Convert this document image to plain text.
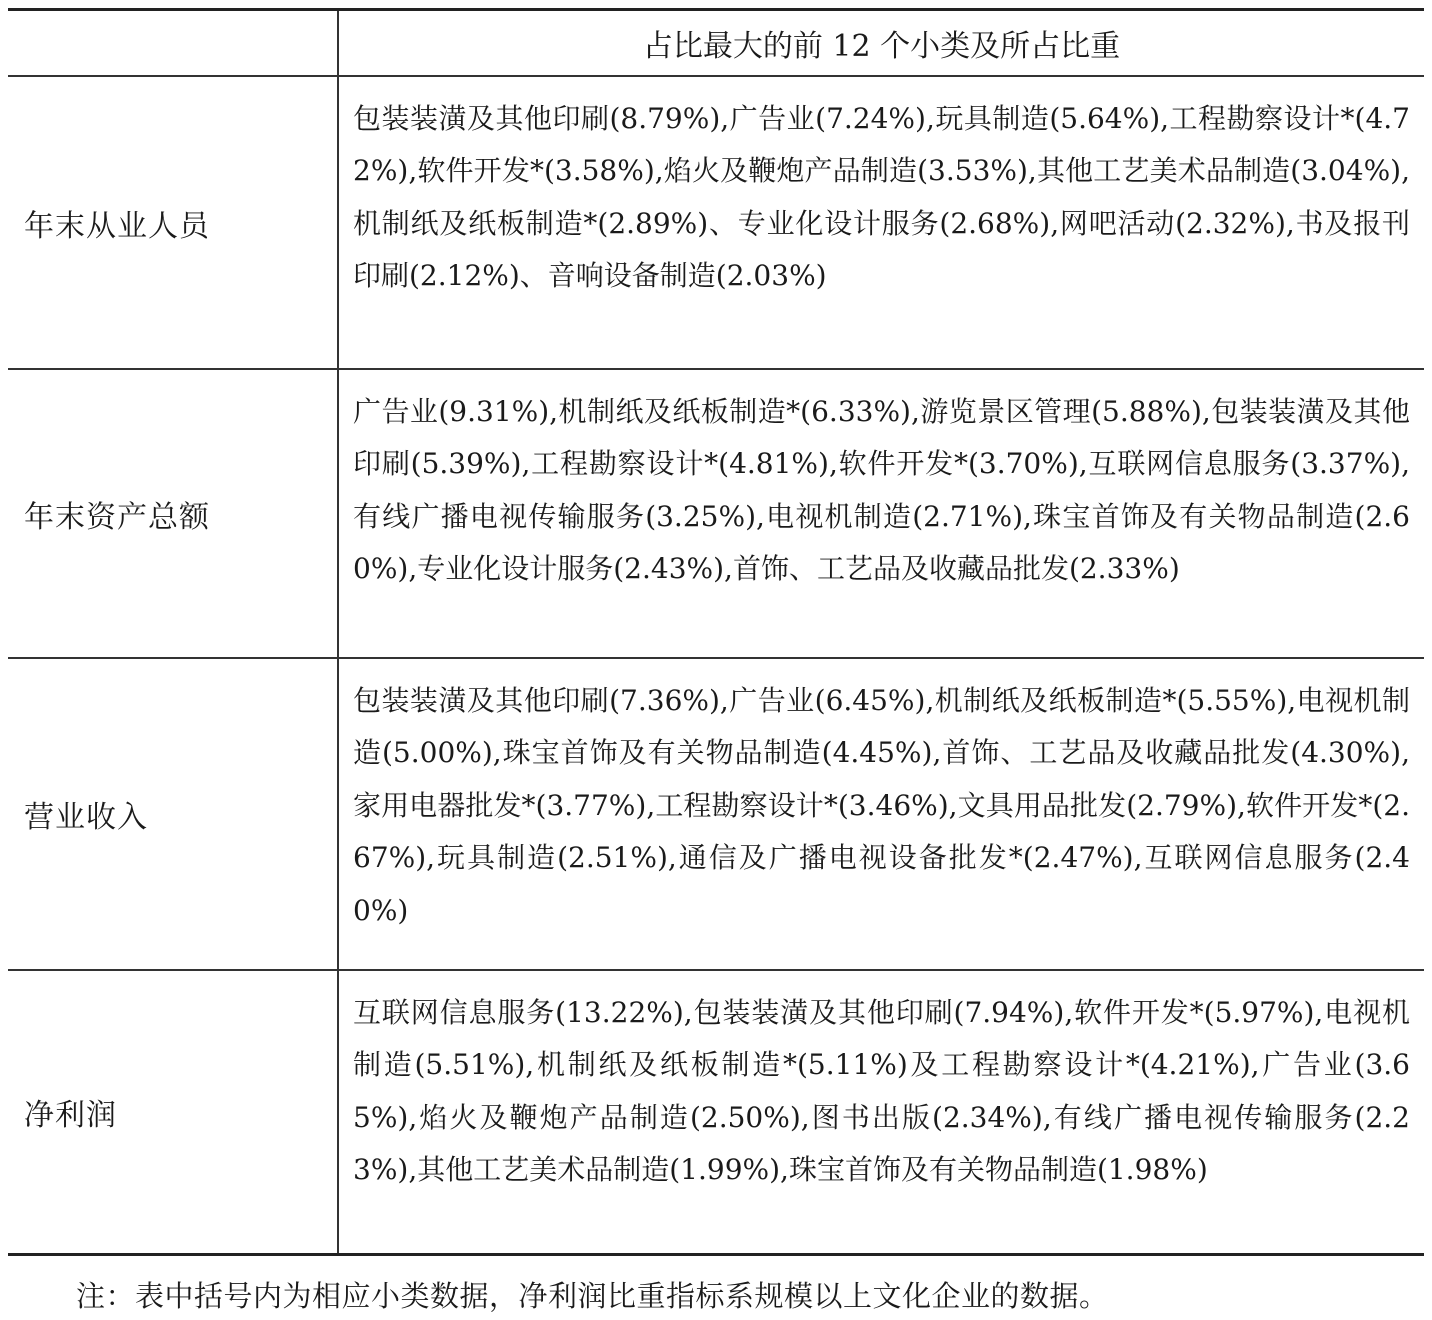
	占比最大的前 12 个小类及所占比重
年末从业人员	包装装潢及其他印刷(8.79%),广告业(7.24%),玩具制造(5.64%),工程勘察设计*(4.72%),软件开发*(3.58%),焰火及鞭炮产品制造(3.53%),其他工艺美术品制造(3.04%),机制纸及纸板制造*(2.89%)、专业化设计服务(2.68%),网吧活动(2.32%),书及报刊印刷(2.12%)、音响设备制造(2.03%)
年末资产总额	广告业(9.31%),机制纸及纸板制造*(6.33%),游览景区管理(5.88%),包装装潢及其他印刷(5.39%),工程勘察设计*(4.81%),软件开发*(3.70%),互联网信息服务(3.37%),有线广播电视传输服务(3.25%),电视机制造(2.71%),珠宝首饰及有关物品制造(2.60%),专业化设计服务(2.43%),首饰、工艺品及收藏品批发(2.33%)
营业收入	包装装潢及其他印刷(7.36%),广告业(6.45%),机制纸及纸板制造*(5.55%),电视机制造(5.00%),珠宝首饰及有关物品制造(4.45%),首饰、工艺品及收藏品批发(4.30%),家用电器批发*(3.77%),工程勘察设计*(3.46%),文具用品批发(2.79%),软件开发*(2.67%),玩具制造(2.51%),通信及广播电视设备批发*(2.47%),互联网信息服务(2.40%)
净利润	互联网信息服务(13.22%),包装装潢及其他印刷(7.94%),软件开发*(5.97%),电视机制造(5.51%),机制纸及纸板制造*(5.11%)及工程勘察设计*(4.21%),广告业(3.65%),焰火及鞭炮产品制造(2.50%),图书出版(2.34%),有线广播电视传输服务(2.23%),其他工艺美术品制造(1.99%),珠宝首饰及有关物品制造(1.98%)
注：表中括号内为相应小类数据，净利润比重指标系规模以上文化企业的数据。
